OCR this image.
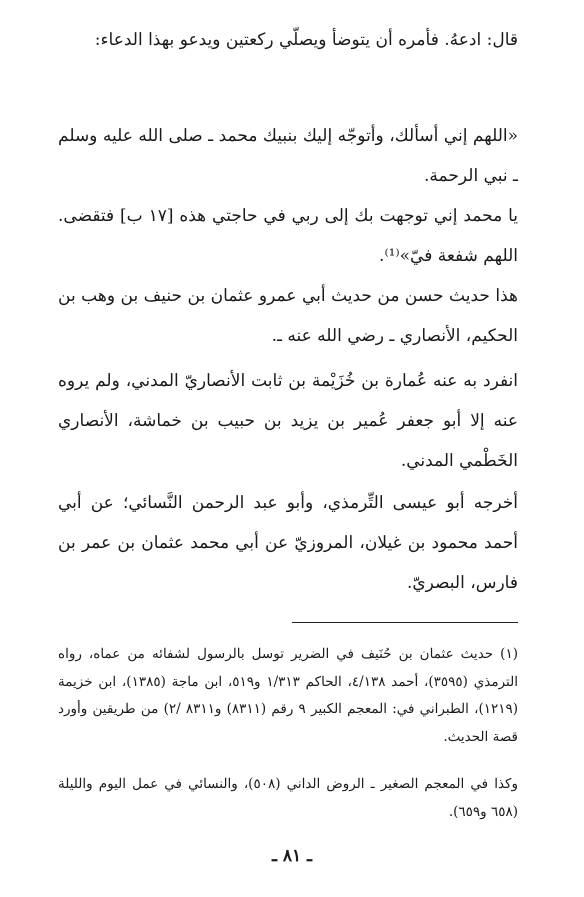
قال: ادعهُ. فأمره أن يتوضأ ويصلّي ركعتين ويدعو بهذا الدعاء:

«اللهم إني أسألك، وأتوجّه إليك بنبيك محمد ـ صلى الله عليه وسلم ـ نبي الرحمة.

يا محمد إني توجهت بك إلى ربي في حاجتي هذه [١٧ ب] فتقضى. اللهم شفعة فيّ»⁽¹⁾.

هذا حديث حسن من حديث أبي عمرو عثمان بن حنيف بن وهب بن الحكيم، الأنصاري ـ رضي الله عنه ـ.

انفرد به عنه عُمارة بن خُزَيْمة بن ثابت الأنصاريّ المدني، ولم يروه عنه إلا أبو جعفر عُمير بن يزيد بن حبيب بن خماشة، الأنصاري الخَطْمي المدني.

أخرجه أبو عيسى التِّرمذي، وأبو عبد الرحمن النَّسائي؛ عن أبي أحمد محمود بن غيلان، المروزيّ عن أبي محمد عثمان بن عمر بن فارس، البصريّ.

(١) حديث عثمان بن حُنَيف في الضرير توسل بالرسول لشفائه من عماه، رواه الترمذي (٣٥٩٥)، أحمد ٤/١٣٨، الحاكم ١/٣١٣ و٥١٩، ابن ماجة (١٣٨٥)، ابن خزيمة (١٢١٩)، الطبراني في: المعجم الكبير ٩ رقم (٨٣١١) و٨٣١١ /٢) من طريقين وأورد قصة الحديث.

وكذا في المعجم الصغير ـ الروض الداني (٥٠٨)، والنسائي في عمل اليوم والليلة (٦٥٨ و٦٥٩).

ـ ٨١ ـ
